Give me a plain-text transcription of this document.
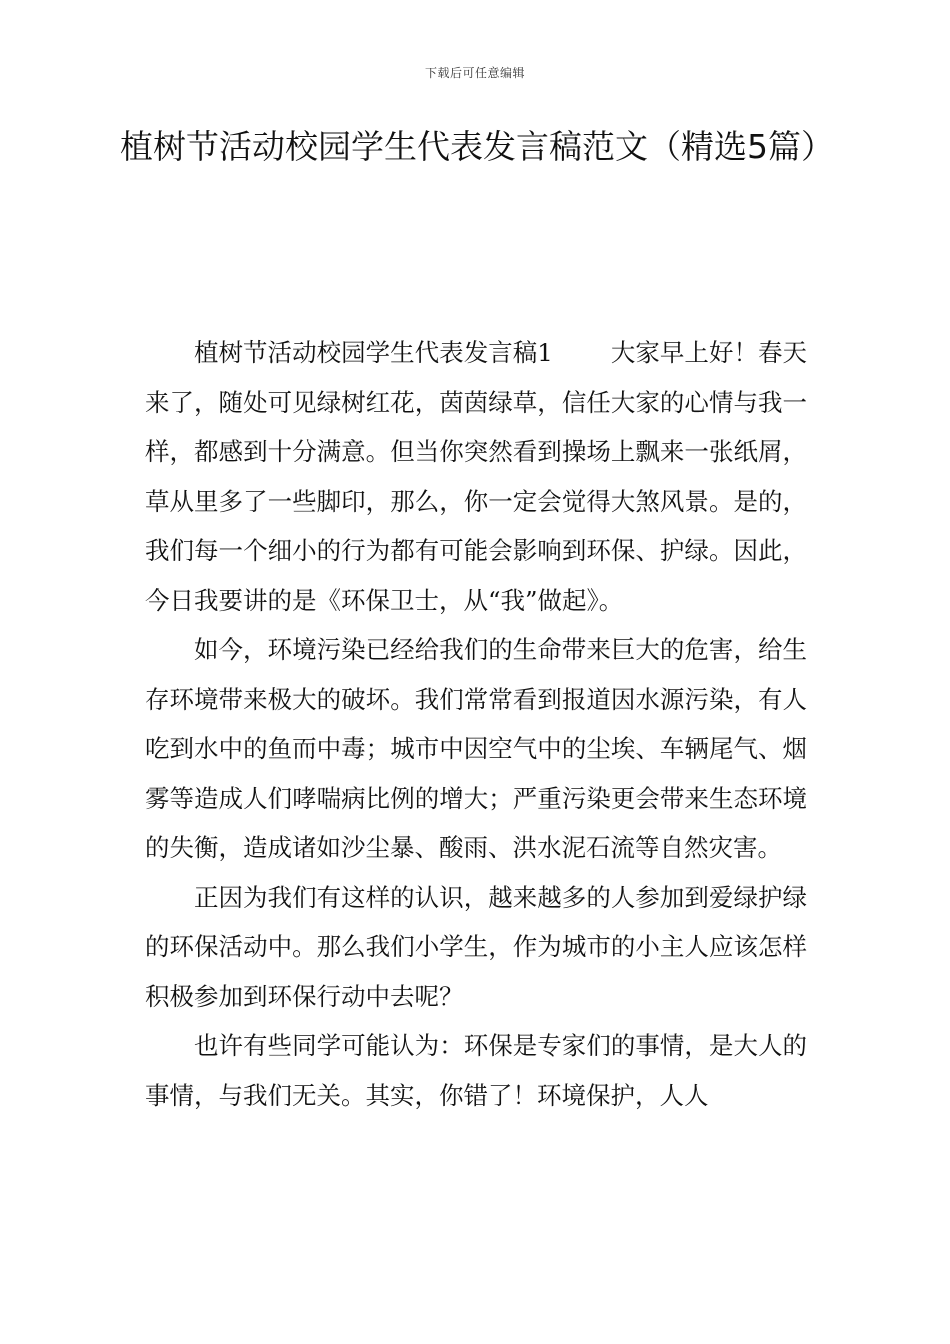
下载后可任意编辑
植树节活动校园学生代表发言稿范文（精选5篇）

植树节活动校园学生代表发言稿1 大家早上好！春天来了，随处可见绿树红花，茵茵绿草，信任大家的心情与我一样，都感到十分满意。但当你突然看到操场上飘来一张纸屑，草从里多了一些脚印，那么，你一定会觉得大煞风景。是的，我们每一个细小的行为都有可能会影响到环保、护绿。因此，今日我要讲的是《环保卫士，从“我”做起》。

如今，环境污染已经给我们的生命带来巨大的危害，给生存环境带来极大的破坏。我们常常看到报道因水源污染，有人吃到水中的鱼而中毒；城市中因空气中的尘埃、车辆尾气、烟雾等造成人们哮喘病比例的增大；严重污染更会带来生态环境的失衡，造成诸如沙尘暴、酸雨、洪水泥石流等自然灾害。

正因为我们有这样的认识，越来越多的人参加到爱绿护绿的环保活动中。那么我们小学生，作为城市的小主人应该怎样积极参加到环保行动中去呢？

也许有些同学可能认为：环保是专家们的事情，是大人的事情，与我们无关。其实，你错了！环境保护，人人
